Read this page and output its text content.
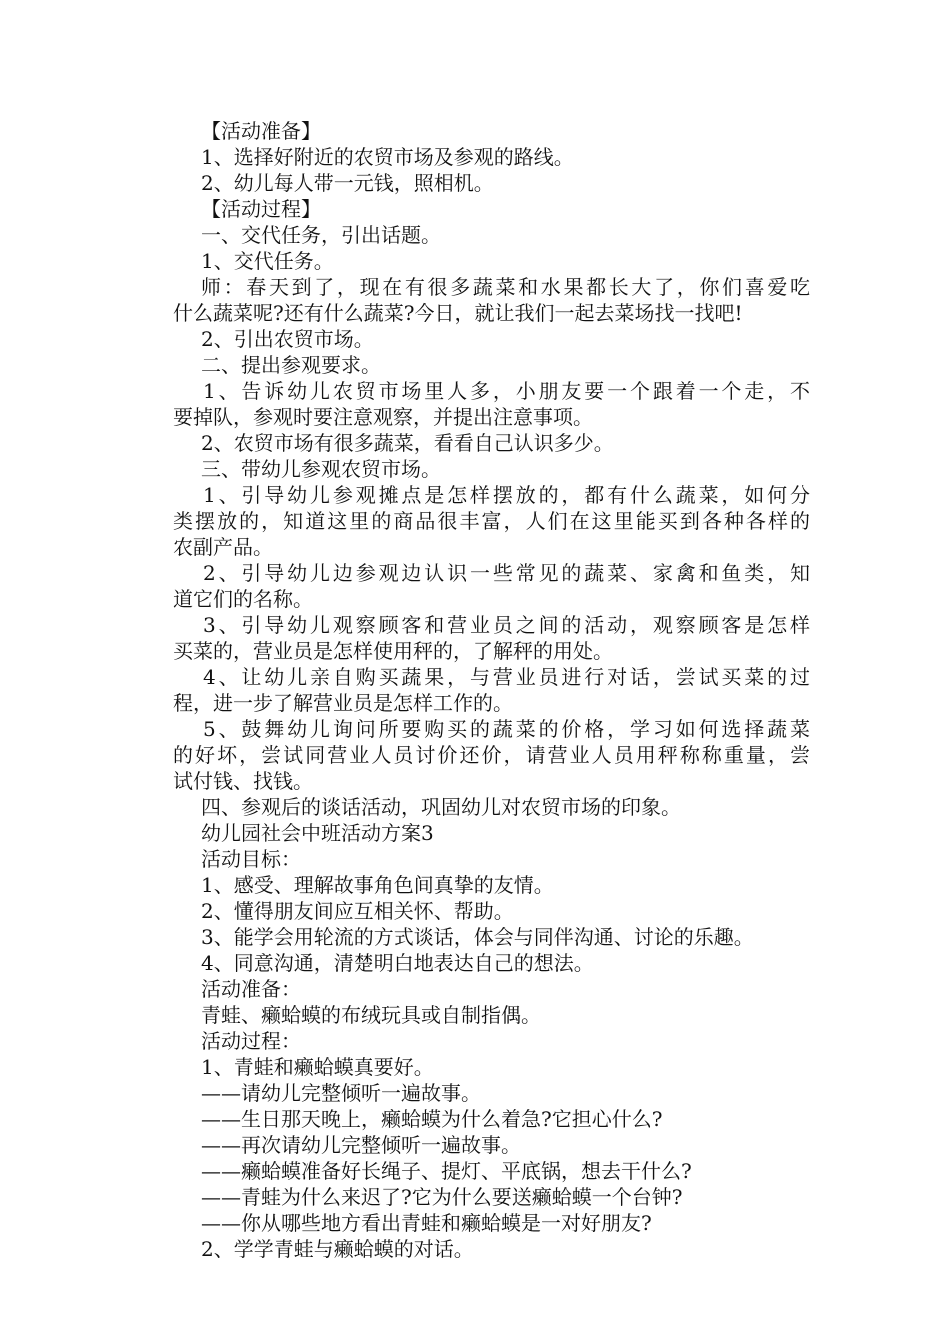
【活动准备】
1、选择好附近的农贸市场及参观的路线。
2、幼儿每人带一元钱，照相机。
【活动过程】
一、交代任务，引出话题。
1、交代任务。
师：春天到了，现在有很多蔬菜和水果都长大了，你们喜爱吃
什么蔬菜呢?还有什么蔬菜?今日，就让我们一起去菜场找一找吧!
2、引出农贸市场。
二、提出参观要求。
1、告诉幼儿农贸市场里人多，小朋友要一个跟着一个走，不
要掉队，参观时要注意观察，并提出注意事项。
2、农贸市场有很多蔬菜，看看自己认识多少。
三、带幼儿参观农贸市场。
1、引导幼儿参观摊点是怎样摆放的，都有什么蔬菜，如何分
类摆放的，知道这里的商品很丰富，人们在这里能买到各种各样的
农副产品。
2、引导幼儿边参观边认识一些常见的蔬菜、家禽和鱼类，知
道它们的名称。
3、引导幼儿观察顾客和营业员之间的活动，观察顾客是怎样
买菜的，营业员是怎样使用秤的，了解秤的用处。
4、让幼儿亲自购买蔬果，与营业员进行对话，尝试买菜的过
程，进一步了解营业员是怎样工作的。
5、鼓舞幼儿询问所要购买的蔬菜的价格，学习如何选择蔬菜
的好坏，尝试同营业人员讨价还价，请营业人员用秤称称重量，尝
试付钱、找钱。
四、参观后的谈话活动，巩固幼儿对农贸市场的印象。
幼儿园社会中班活动方案3
活动目标：
1、感受、理解故事角色间真挚的友情。
2、懂得朋友间应互相关怀、帮助。
3、能学会用轮流的方式谈话，体会与同伴沟通、讨论的乐趣。
4、同意沟通，清楚明白地表达自己的想法。
活动准备：
青蛙、癞蛤蟆的布绒玩具或自制指偶。
活动过程：
1、青蛙和癞蛤蟆真要好。
——请幼儿完整倾听一遍故事。
——生日那天晚上，癞蛤蟆为什么着急?它担心什么?
——再次请幼儿完整倾听一遍故事。
——癞蛤蟆准备好长绳子、提灯、平底锅，想去干什么?
——青蛙为什么来迟了?它为什么要送癞蛤蟆一个台钟?
——你从哪些地方看出青蛙和癞蛤蟆是一对好朋友?
2、学学青蛙与癞蛤蟆的对话。
